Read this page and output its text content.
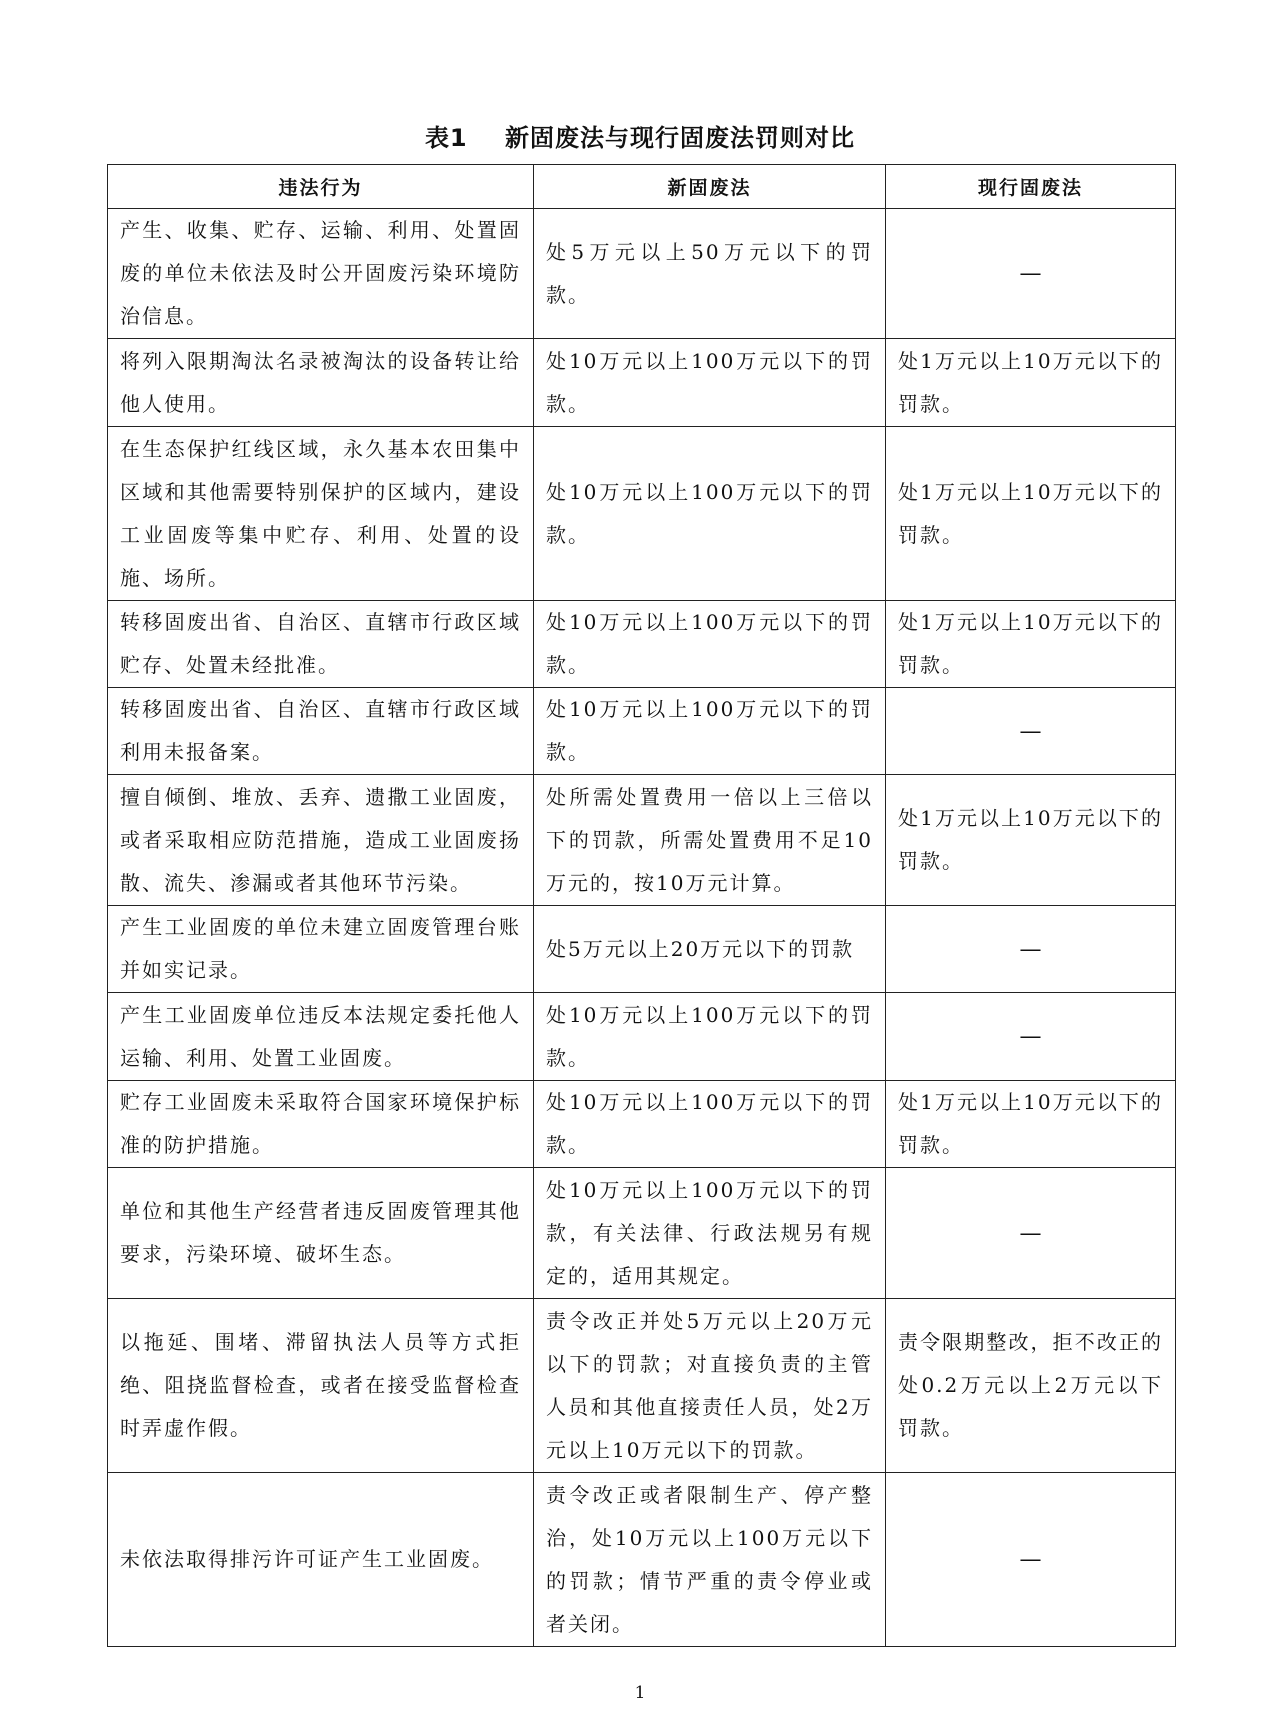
表1    新固废法与现行固废法罚则对比
违法行为	新固废法	现行固废法
产生、收集、贮存、运输、利用、处置固废的单位未依法及时公开固废污染环境防治信息。	处5万元以上50万元以下的罚款。	—
将列入限期淘汰名录被淘汰的设备转让给他人使用。	处10万元以上100万元以下的罚款。	处1万元以上10万元以下的罚款。
在生态保护红线区域，永久基本农田集中区域和其他需要特别保护的区域内，建设工业固废等集中贮存、利用、处置的设施、场所。	处10万元以上100万元以下的罚款。	处1万元以上10万元以下的罚款。
转移固废出省、自治区、直辖市行政区域贮存、处置未经批准。	处10万元以上100万元以下的罚款。	处1万元以上10万元以下的罚款。
转移固废出省、自治区、直辖市行政区域利用未报备案。	处10万元以上100万元以下的罚款。	—
擅自倾倒、堆放、丢弃、遗撒工业固废，或者采取相应防范措施，造成工业固废扬散、流失、渗漏或者其他环节污染。	处所需处置费用一倍以上三倍以下的罚款，所需处置费用不足10万元的，按10万元计算。	处1万元以上10万元以下的罚款。
产生工业固废的单位未建立固废管理台账并如实记录。	处5万元以上20万元以下的罚款	—
产生工业固废单位违反本法规定委托他人运输、利用、处置工业固废。	处10万元以上100万元以下的罚款。	—
贮存工业固废未采取符合国家环境保护标准的防护措施。	处10万元以上100万元以下的罚款。	处1万元以上10万元以下的罚款。
单位和其他生产经营者违反固废管理其他要求，污染环境、破坏生态。	处10万元以上100万元以下的罚款，有关法律、行政法规另有规定的，适用其规定。	—
以拖延、围堵、滞留执法人员等方式拒绝、阻挠监督检查，或者在接受监督检查时弄虚作假。	责令改正并处5万元以上20万元以下的罚款；对直接负责的主管人员和其他直接责任人员，处2万元以上10万元以下的罚款。	责令限期整改，拒不改正的处0.2万元以上2万元以下罚款。
未依法取得排污许可证产生工业固废。	责令改正或者限制生产、停产整治，处10万元以上100万元以下的罚款；情节严重的责令停业或者关闭。	—
1
